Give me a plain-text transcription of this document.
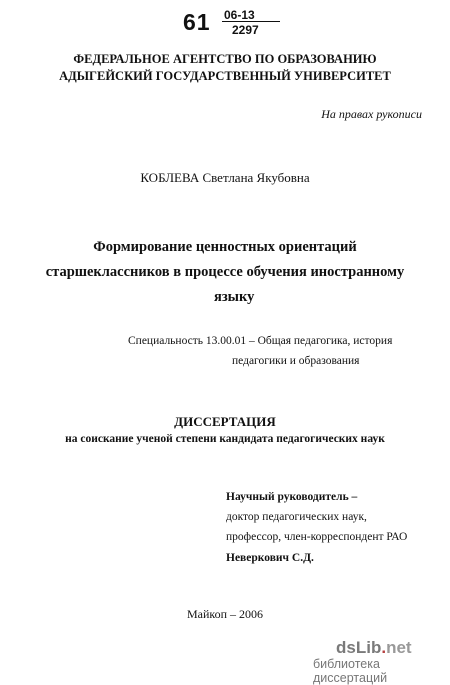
61 06-13
2297
ФЕДЕРАЛЬНОЕ АГЕНТСТВО ПО ОБРАЗОВАНИЮ
АДЫГЕЙСКИЙ ГОСУДАРСТВЕННЫЙ УНИВЕРСИТЕТ
На правах рукописи
КОБЛЕВА Светлана Якубовна
Формирование ценностных ориентаций
старшеклассников в процессе обучения иностранному
языку
Специальность 13.00.01 – Общая педагогика, история
педагогики и образования
ДИССЕРТАЦИЯ
на соискание ученой степени кандидата педагогических наук
Научный руководитель –
доктор педагогических наук,
профессор, член-корреспондент РАО
Неверкович С.Д.
Майкоп – 2006
dsLib.net
библиотека диссертаций
